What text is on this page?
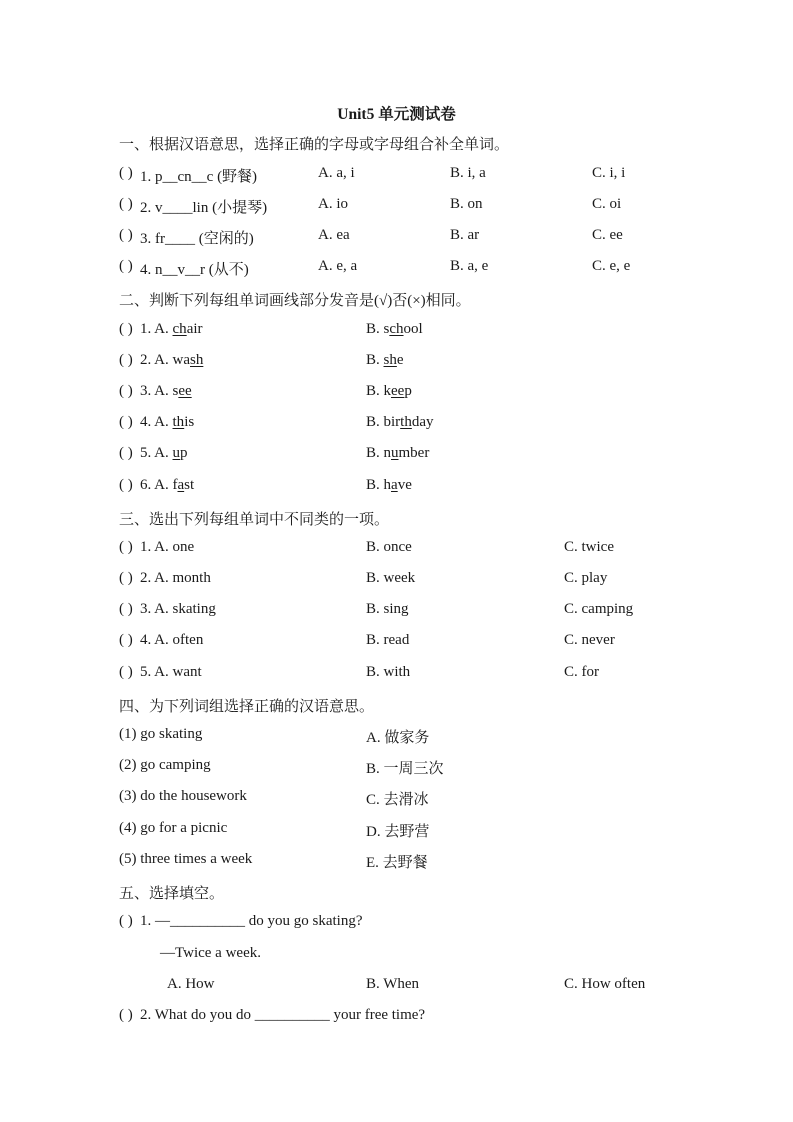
Unit5 单元测试卷
一、根据汉语意思，选择正确的字母或字母组合补全单词。
( ) 1. p__cn__c (野餐)	A. a, i	B. i, a	C. i, i
( ) 2. v____lin (小提琴)	A. io	B. on	C. oi
( ) 3. fr____ (空闲的)	A. ea	B. ar	C. ee
( ) 4. n__v__r (从不)	A. e, a	B. a, e	C. e, e
二、判断下列每组单词画线部分发音是(√)否(×)相同。
( ) 1. A. chair	B. school
( ) 2. A. wash	B. she
( ) 3. A. see	B. keep
( ) 4. A. this	B. birthday
( ) 5. A. up	B. number
( ) 6. A. fast	B. have
三、选出下列每组单词中不同类的一项。
( ) 1. A. one	B. once	C. twice
( ) 2. A. month	B. week	C. play
( ) 3. A. skating	B. sing	C. camping
( ) 4. A. often	B. read	C. never
( ) 5. A. want	B. with	C. for
四、为下列词组选择正确的汉语意思。
(1) go skating	A. 做家务
(2) go camping	B. 一周三次
(3) do the housework	C. 去滑冰
(4) go for a picnic	D. 去野营
(5) three times a week	E. 去野餐
五、选择填空。
( ) 1. —__________ do you go skating?
—Twice a week.
A. How	B. When	C. How often
( ) 2. What do you do __________ your free time?
